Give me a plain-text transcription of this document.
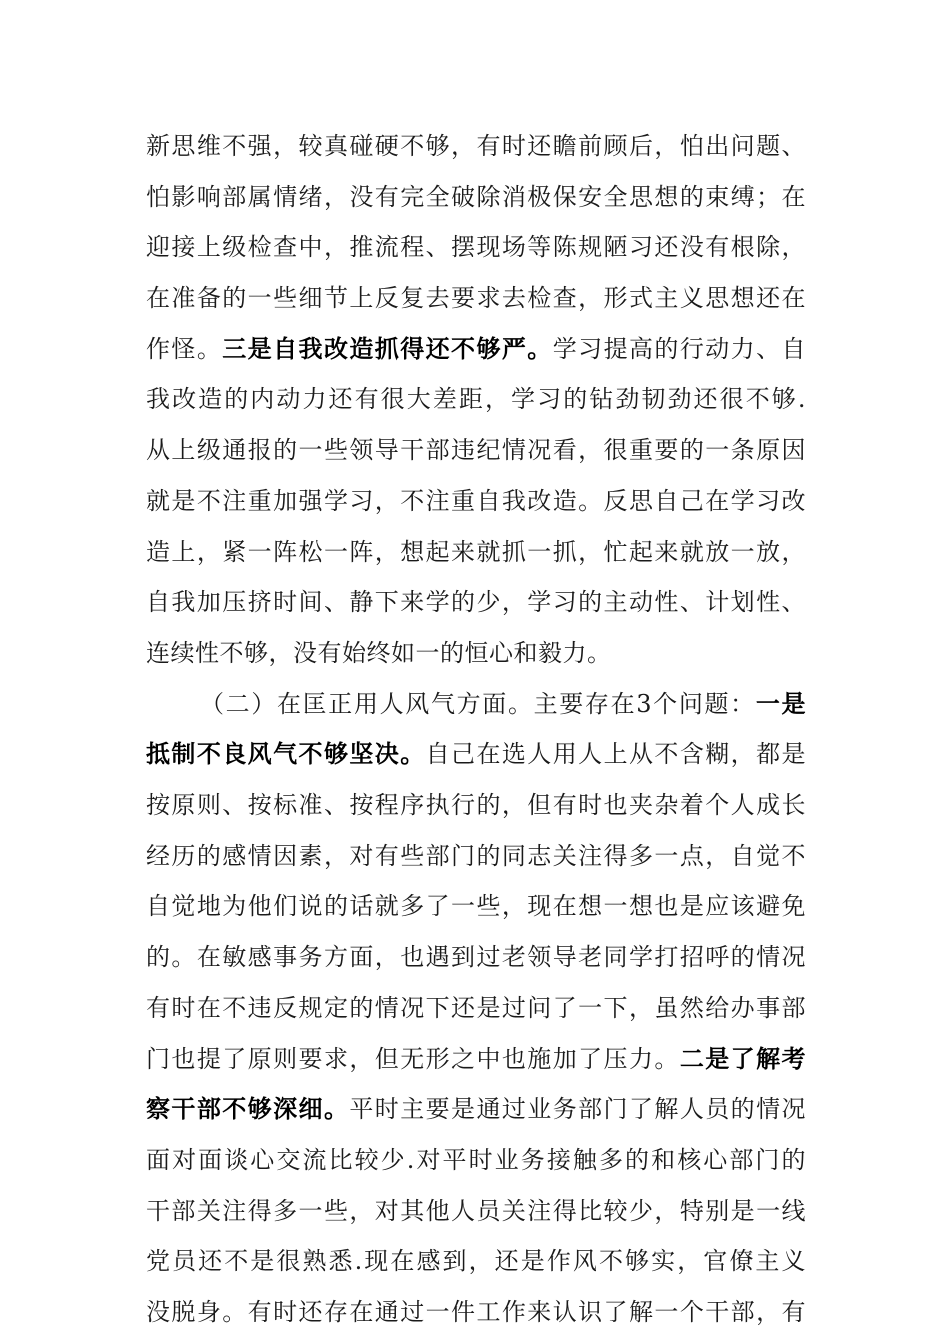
新思维不强，较真碰硬不够，有时还瞻前顾后，怕出问题、
怕影响部属情绪，没有完全破除消极保安全思想的束缚；在
迎接上级检查中，推流程、摆现场等陈规陋习还没有根除，
在准备的一些细节上反复去要求去检查，形式主义思想还在
作怪。三是自我改造抓得还不够严。学习提高的行动力、自
我改造的内动力还有很大差距，学习的钻劲韧劲还很不够.
从上级通报的一些领导干部违纪情况看，很重要的一条原因
就是不注重加强学习，不注重自我改造。反思自己在学习改
造上，紧一阵松一阵，想起来就抓一抓，忙起来就放一放，
自我加压挤时间、静下来学的少，学习的主动性、计划性、
连续性不够，没有始终如一的恒心和毅力。
（二）在匡正用人风气方面。主要存在3个问题：一是
抵制不良风气不够坚决。自己在选人用人上从不含糊，都是
按原则、按标准、按程序执行的，但有时也夹杂着个人成长
经历的感情因素，对有些部门的同志关注得多一点，自觉不
自觉地为他们说的话就多了一些，现在想一想也是应该避免
的。在敏感事务方面，也遇到过老领导老同学打招呼的情况
有时在不违反规定的情况下还是过问了一下，虽然给办事部
门也提了原则要求，但无形之中也施加了压力。二是了解考
察干部不够深细。平时主要是通过业务部门了解人员的情况
面对面谈心交流比较少.对平时业务接触多的和核心部门的
干部关注得多一些，对其他人员关注得比较少，特别是一线
党员还不是很熟悉.现在感到，还是作风不够实，官僚主义
没脱身。有时还存在通过一件工作来认识了解一个干部，有
